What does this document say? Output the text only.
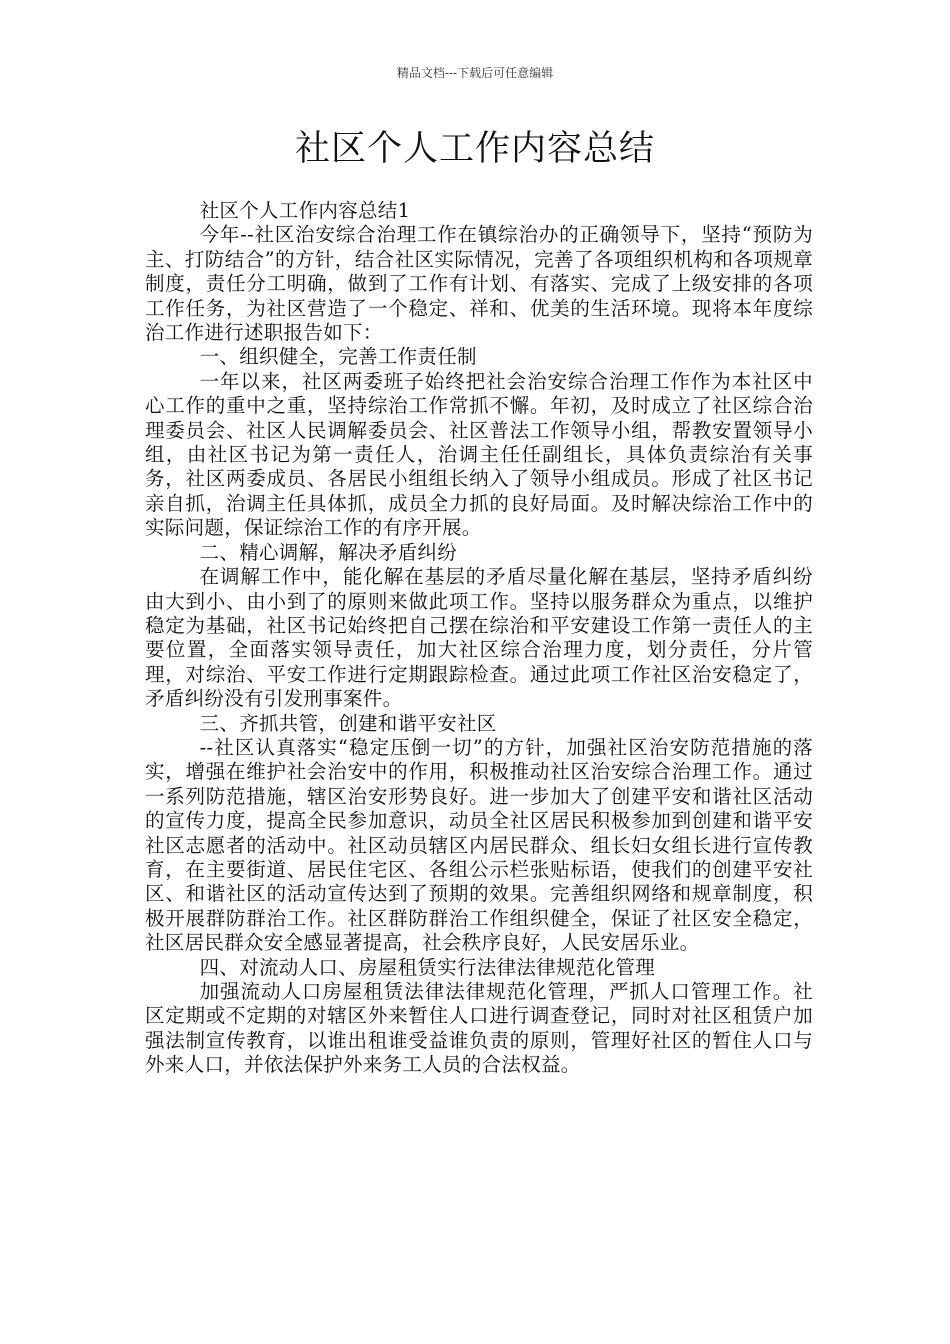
精品文档---下载后可任意编辑
社区个人工作内容总结

社区个人工作内容总结1

今年--社区治安综合治理工作在镇综治办的正确领导下，坚持“预防为主、打防结合”的方针，结合社区实际情况，完善了各项组织机构和各项规章制度，责任分工明确，做到了工作有计划、有落实、完成了上级安排的各项工作任务，为社区营造了一个稳定、祥和、优美的生活环境。现将本年度综治工作进行述职报告如下：

一、组织健全，完善工作责任制

一年以来，社区两委班子始终把社会治安综合治理工作作为本社区中心工作的重中之重，坚持综治工作常抓不懈。年初，及时成立了社区综合治理委员会、社区人民调解委员会、社区普法工作领导小组，帮教安置领导小组，由社区书记为第一责任人，治调主任任副组长，具体负责综治有关事务，社区两委成员、各居民小组组长纳入了领导小组成员。形成了社区书记亲自抓，治调主任具体抓，成员全力抓的良好局面。及时解决综治工作中的实际问题，保证综治工作的有序开展。

二、精心调解，解决矛盾纠纷

在调解工作中，能化解在基层的矛盾尽量化解在基层，坚持矛盾纠纷由大到小、由小到了的原则来做此项工作。坚持以服务群众为重点，以维护稳定为基础，社区书记始终把自己摆在综治和平安建设工作第一责任人的主要位置，全面落实领导责任，加大社区综合治理力度，划分责任，分片管理，对综治、平安工作进行定期跟踪检查。通过此项工作社区治安稳定了，矛盾纠纷没有引发刑事案件。

三、齐抓共管，创建和谐平安社区

--社区认真落实“稳定压倒一切”的方针，加强社区治安防范措施的落实，增强在维护社会治安中的作用，积极推动社区治安综合治理工作。通过一系列防范措施，辖区治安形势良好。进一步加大了创建平安和谐社区活动的宣传力度，提高全民参加意识，动员全社区居民积极参加到创建和谐平安社区志愿者的活动中。社区动员辖区内居民群众、组长妇女组长进行宣传教育，在主要街道、居民住宅区、各组公示栏张贴标语，使我们的创建平安社区、和谐社区的活动宣传达到了预期的效果。完善组织网络和规章制度，积极开展群防群治工作。社区群防群治工作组织健全，保证了社区安全稳定，社区居民群众安全感显著提高，社会秩序良好，人民安居乐业。

四、对流动人口、房屋租赁实行法律法律规范化管理

加强流动人口房屋租赁法律法律规范化管理，严抓人口管理工作。社区定期或不定期的对辖区外来暂住人口进行调查登记，同时对社区租赁户加强法制宣传教育，以谁出租谁受益谁负责的原则，管理好社区的暂住人口与外来人口，并依法保护外来务工人员的合法权益。
